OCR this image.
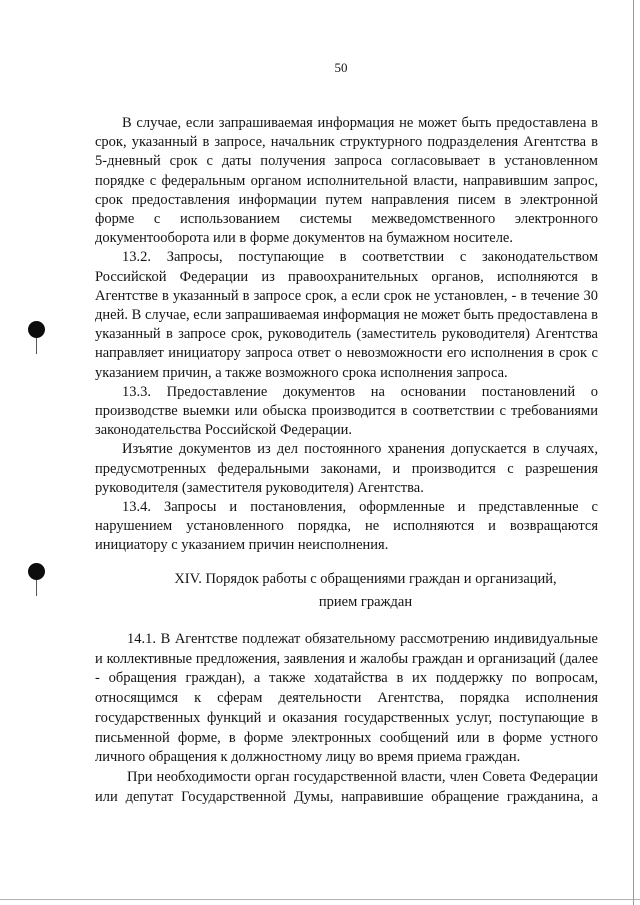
50
В случае, если запрашиваемая информация не может быть предоставлена в
срок, указанный в запросе, начальник структурного подразделения Агентства в
5-дневный срок с даты получения запроса согласовывает в установленном
порядке с федеральным органом исполнительной власти, направившим запрос,
срок предоставления информации путем направления писем в электронной
форме с использованием системы межведомственного электронного
документооборота или в форме документов на бумажном носителе.
13.2. Запросы, поступающие в соответствии с законодательством
Российской Федерации из правоохранительных органов, исполняются в
Агентстве в указанный в запросе срок, а если срок не установлен, - в течение 30
дней. В случае, если запрашиваемая информация не может быть предоставлена в
указанный в запросе срок, руководитель (заместитель руководителя) Агентства
направляет инициатору запроса ответ о невозможности его исполнения в срок с
указанием причин, а также возможного срока исполнения запроса.
13.3. Предоставление документов на основании постановлений о
производстве выемки или обыска производится в соответствии с требованиями
законодательства Российской Федерации.
Изъятие документов из дел постоянного хранения допускается в случаях,
предусмотренных федеральными законами, и производится с разрешения
руководителя (заместителя руководителя) Агентства.
13.4. Запросы и постановления, оформленные и представленные с
нарушением установленного порядка, не исполняются и возвращаются
инициатору с указанием причин неисполнения.
XIV. Порядок работы с обращениями граждан и организаций,
прием граждан
14.1. В Агентстве подлежат обязательному рассмотрению индивидуальные
и коллективные предложения, заявления и жалобы граждан и организаций (далее
- обращения граждан), а также ходатайства в их поддержку по вопросам,
относящимся к сферам деятельности Агентства, порядка исполнения
государственных функций и оказания государственных услуг, поступающие в
письменной форме, в форме электронных сообщений или в форме устного
личного обращения к должностному лицу во время приема граждан.
При необходимости орган государственной власти, член Совета Федерации
или депутат Государственной Думы, направившие обращение гражданина, а
